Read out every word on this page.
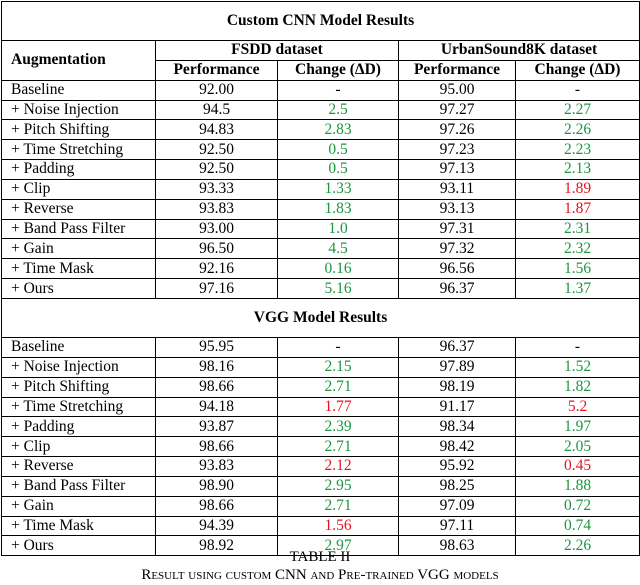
Custom CNN Model Results				
Augmentation	FSDD dataset		UrbanSound8K dataset	
	Performance	Change (ΔD)	Performance	Change (ΔD)
Baseline	92.00	-	95.00	-
+ Noise Injection	94.5	2.5	97.27	2.27
+ Pitch Shifting	94.83	2.83	97.26	2.26
+ Time Stretching	92.50	0.5	97.23	2.23
+ Padding	92.50	0.5	97.13	2.13
+ Clip	93.33	1.33	93.11	1.89
+ Reverse	93.83	1.83	93.13	1.87
+ Band Pass Filter	93.00	1.0	97.31	2.31
+ Gain	96.50	4.5	97.32	2.32
+ Time Mask	92.16	0.16	96.56	1.56
+ Ours	97.16	5.16	96.37	1.37
VGG Model Results				
Baseline	95.95	-	96.37	-
+ Noise Injection	98.16	2.15	97.89	1.52
+ Pitch Shifting	98.66	2.71	98.19	1.82
+ Time Stretching	94.18	1.77	91.17	5.2
+ Padding	93.87	2.39	98.34	1.97
+ Clip	98.66	2.71	98.42	2.05
+ Reverse	93.83	2.12	95.92	0.45
+ Band Pass Filter	98.90	2.95	98.25	1.88
+ Gain	98.66	2.71	97.09	0.72
+ Time Mask	94.39	1.56	97.11	0.74
+ Ours	98.92	2.97	98.63	2.26
TABLE II
Result using custom CNN and Pre-trained VGG models
